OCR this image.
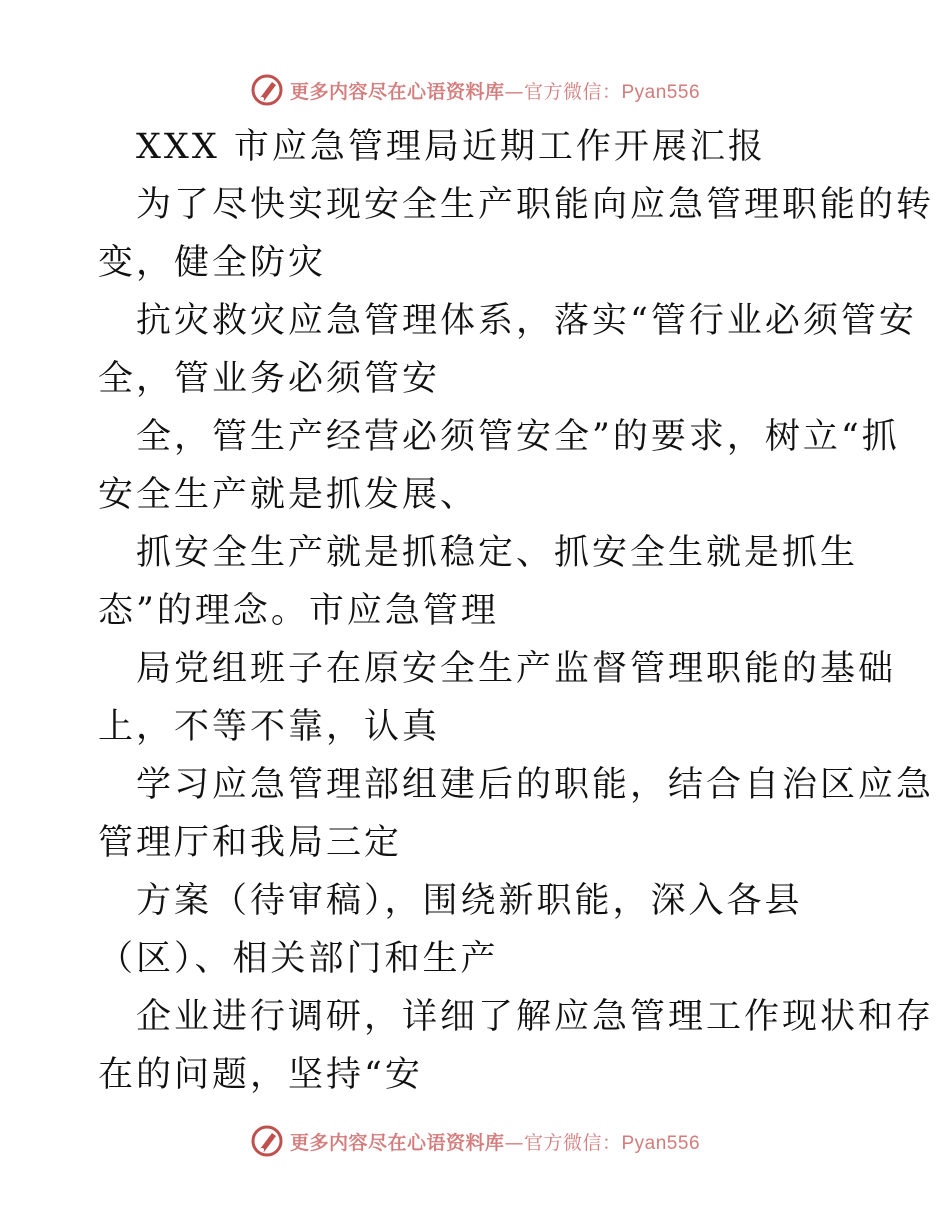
更多内容尽在心语资料库—官方微信：Pyan556
XXX 市应急管理局近期工作开展汇报
为了尽快实现安全生产职能向应急管理职能的转
变，健全防灾
抗灾救灾应急管理体系，落实“管行业必须管安
全，管业务必须管安
全，管生产经营必须管安全”的要求，树立“抓
安全生产就是抓发展、
抓安全生产就是抓稳定、抓安全生就是抓生
态”的理念。市应急管理
局党组班子在原安全生产监督管理职能的基础
上，不等不靠，认真
学习应急管理部组建后的职能，结合自治区应急
管理厅和我局三定
方案（待审稿），围绕新职能，深入各县
（区）、相关部门和生产
企业进行调研，详细了解应急管理工作现状和存
在的问题，坚持“安
更多内容尽在心语资料库—官方微信：Pyan556
